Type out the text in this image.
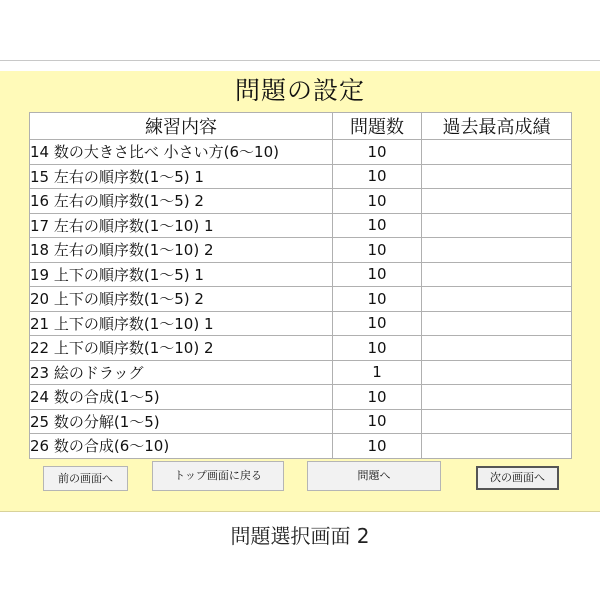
問題の設定
練習内容	問題数	過去最高成績
14 数の大きさ比べ 小さい方(6〜10)	10	
15 左右の順序数(1〜5) 1	10	
16 左右の順序数(1〜5) 2	10	
17 左右の順序数(1〜10) 1	10	
18 左右の順序数(1〜10) 2	10	
19 上下の順序数(1〜5) 1	10	
20 上下の順序数(1〜5) 2	10	
21 上下の順序数(1〜10) 1	10	
22 上下の順序数(1〜10) 2	10	
23 絵のドラッグ	1	
24 数の合成(1〜5)	10	
25 数の分解(1〜5)	10	
26 数の合成(6〜10)	10	
前の画面へ	トップ画面に戻る	問題へ	次の画面へ
問題選択画面 2
